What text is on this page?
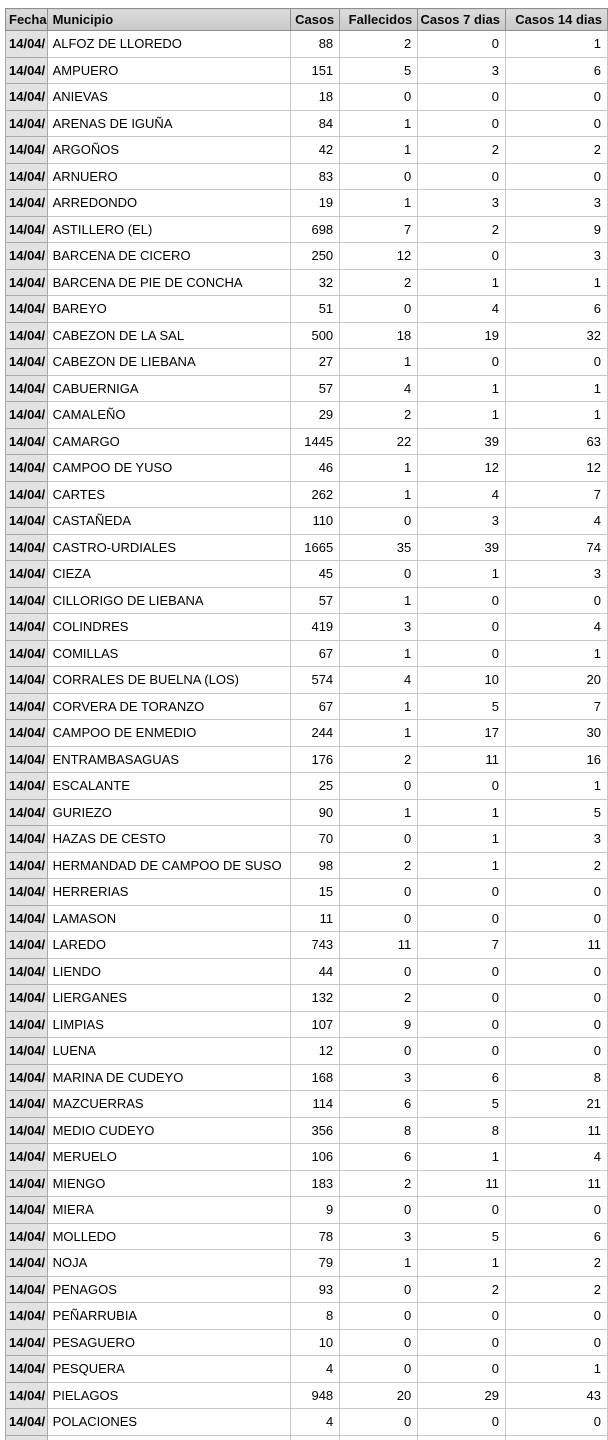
Fecha	Municipio	Casos	Fallecidos	Casos 7 dias	Casos 14 dias
14/04/	ALFOZ DE LLOREDO	88	2	0	1
14/04/	AMPUERO	151	5	3	6
14/04/	ANIEVAS	18	0	0	0
14/04/	ARENAS DE IGUÑA	84	1	0	0
14/04/	ARGOÑOS	42	1	2	2
14/04/	ARNUERO	83	0	0	0
14/04/	ARREDONDO	19	1	3	3
14/04/	ASTILLERO (EL)	698	7	2	9
14/04/	BARCENA DE CICERO	250	12	0	3
14/04/	BARCENA DE PIE DE CONCHA	32	2	1	1
14/04/	BAREYO	51	0	4	6
14/04/	CABEZON DE LA SAL	500	18	19	32
14/04/	CABEZON DE LIEBANA	27	1	0	0
14/04/	CABUERNIGA	57	4	1	1
14/04/	CAMALEÑO	29	2	1	1
14/04/	CAMARGO	1445	22	39	63
14/04/	CAMPOO DE YUSO	46	1	12	12
14/04/	CARTES	262	1	4	7
14/04/	CASTAÑEDA	110	0	3	4
14/04/	CASTRO-URDIALES	1665	35	39	74
14/04/	CIEZA	45	0	1	3
14/04/	CILLORIGO DE LIEBANA	57	1	0	0
14/04/	COLINDRES	419	3	0	4
14/04/	COMILLAS	67	1	0	1
14/04/	CORRALES DE BUELNA (LOS)	574	4	10	20
14/04/	CORVERA DE TORANZO	67	1	5	7
14/04/	CAMPOO DE ENMEDIO	244	1	17	30
14/04/	ENTRAMBASAGUAS	176	2	11	16
14/04/	ESCALANTE	25	0	0	1
14/04/	GURIEZO	90	1	1	5
14/04/	HAZAS DE CESTO	70	0	1	3
14/04/	HERMANDAD DE CAMPOO DE SUSO	98	2	1	2
14/04/	HERRERIAS	15	0	0	0
14/04/	LAMASON	11	0	0	0
14/04/	LAREDO	743	11	7	11
14/04/	LIENDO	44	0	0	0
14/04/	LIERGANES	132	2	0	0
14/04/	LIMPIAS	107	9	0	0
14/04/	LUENA	12	0	0	0
14/04/	MARINA DE CUDEYO	168	3	6	8
14/04/	MAZCUERRAS	114	6	5	21
14/04/	MEDIO CUDEYO	356	8	8	11
14/04/	MERUELO	106	6	1	4
14/04/	MIENGO	183	2	11	11
14/04/	MIERA	9	0	0	0
14/04/	MOLLEDO	78	3	5	6
14/04/	NOJA	79	1	1	2
14/04/	PENAGOS	93	0	2	2
14/04/	PEÑARRUBIA	8	0	0	0
14/04/	PESAGUERO	10	0	0	0
14/04/	PESQUERA	4	0	0	1
14/04/	PIELAGOS	948	20	29	43
14/04/	POLACIONES	4	0	0	0
